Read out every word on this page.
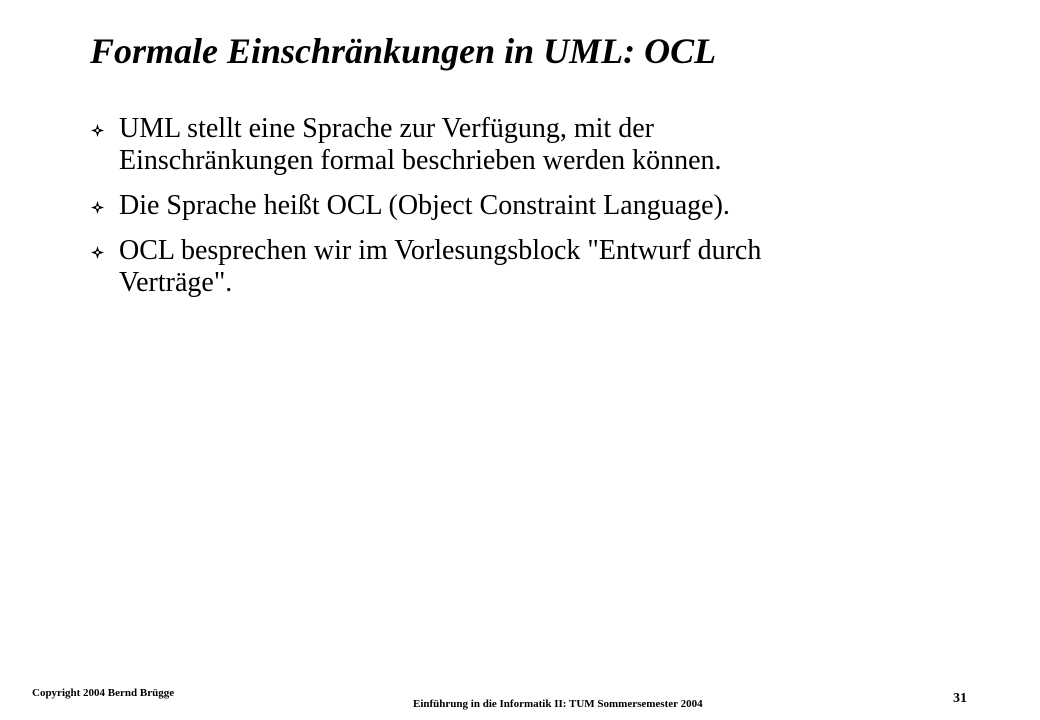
Formale Einschränkungen in UML: OCL
UML stellt eine Sprache zur Verfügung, mit der
Einschränkungen formal beschrieben werden können.
Die Sprache heißt OCL (Object Constraint Language).
OCL besprechen wir im Vorlesungsblock "Entwurf durch
Verträge".
Copyright 2004 Bernd Brügge
Einführung in die Informatik II: TUM Sommersemester 2004	31
